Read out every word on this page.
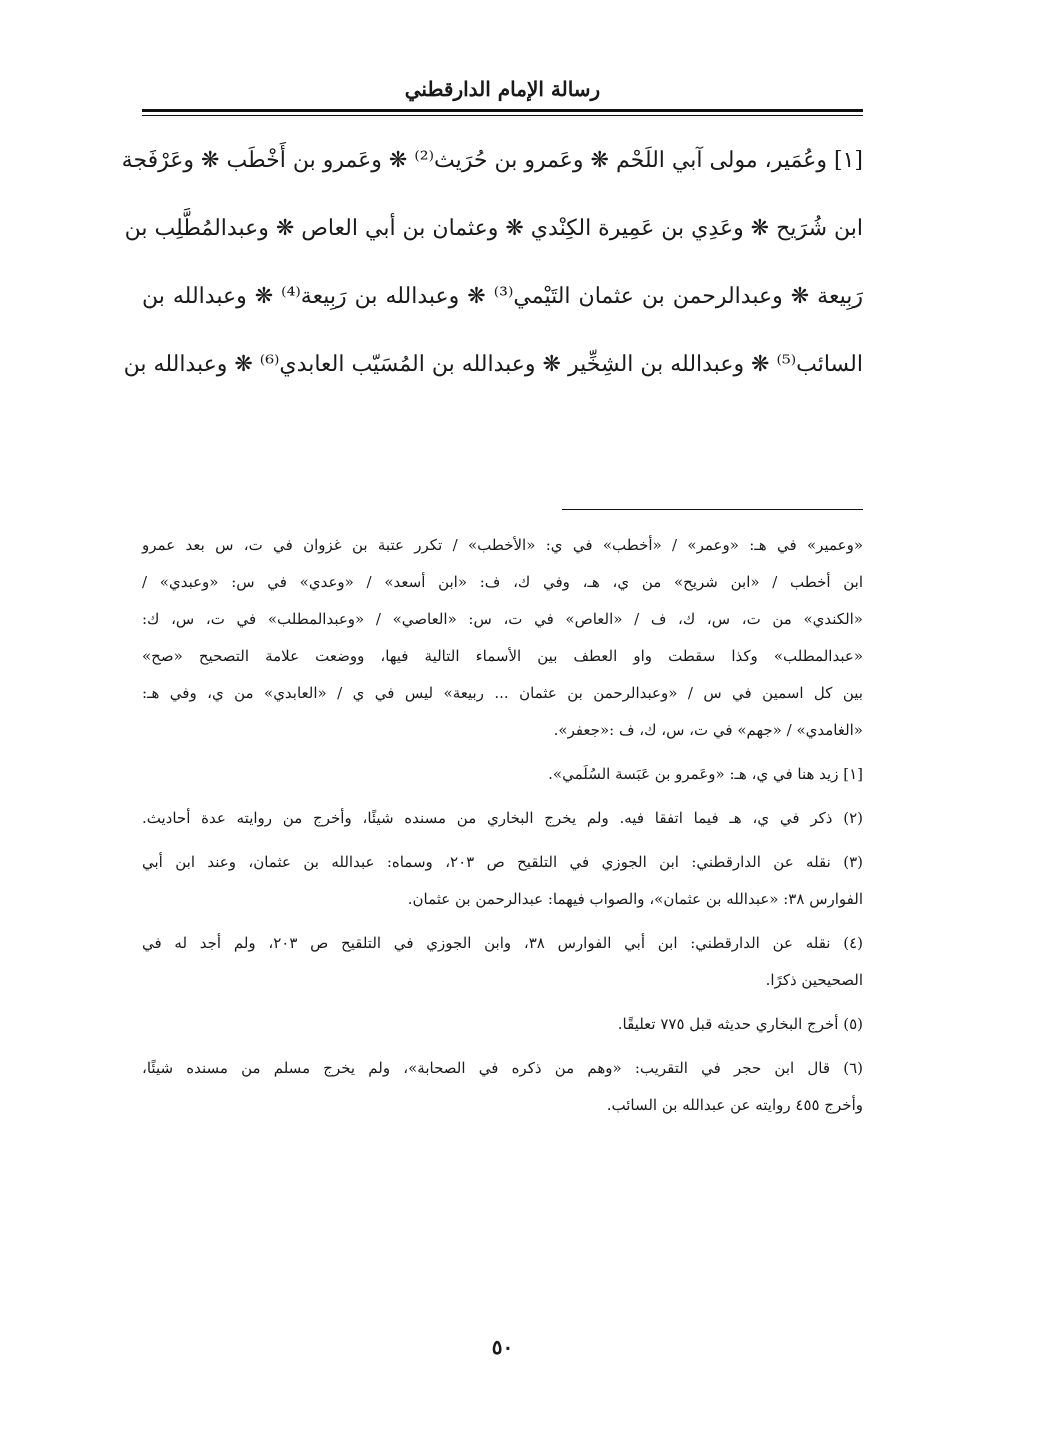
رسالة الإمام الدارقطني
[١] وعُمَير، مولى آبي اللَحْم ❋ وعَمرو بن حُرَيث⁽²⁾ ❋ وعَمرو بن أَخْطَب ❋ وعَرْفَجة
ابن شُرَيح ❋ وعَدِي بن عَمِيرة الكِنْدي ❋ وعثمان بن أبي العاص ❋ وعبدالمُطَّلِب بن
رَبِيعة ❋ وعبدالرحمن بن عثمان التَيْمي⁽³⁾ ❋ وعبدالله بن رَبِيعة⁽⁴⁾ ❋ وعبدالله بن
السائب⁽⁵⁾ ❋ وعبدالله بن الشِخِّير ❋ وعبدالله بن المُسَيّب العابدي⁽⁶⁾ ❋ وعبدالله بن
«وعمير» في هـ: «وعمر» / «أخطب» في ي: «الأخطب» / تكرر عتبة بن غزوان في ت، س بعد عمرو
ابن أخطب / «ابن شريح» من ي، هـ، وفي ك، ف: «ابن أسعد» / «وعدي» في س: «وعبدي» /
«الكندي» من ت، س، ك، ف / «العاص» في ت، س: «العاصي» / «وعبدالمطلب» في ت، س، ك:
«عبدالمطلب» وكذا سقطت واو العطف بين الأسماء التالية فيها، ووضعت علامة التصحيح «صح»
بين كل اسمين في س / «وعبدالرحمن بن عثمان ... ربيعة» ليس في ي / «العابدي» من ي، وفي هـ:
«الغامدي» / «جهم» في ت، س، ك، ف :«جعفر».
[١] زيد هنا في ي، هـ: «وعَمرو بن عَبَسة السُلَمي».
(٢) ذكر في ي، هـ فيما اتفقا فيه. ولم يخرج البخاري من مسنده شيئًا، وأخرج من روايته عدة أحاديث.
(٣) نقله عن الدارقطني: ابن الجوزي في التلقيح ص ٢٠٣، وسماه: عبدالله بن عثمان، وعند ابن أبي
الفوارس ٣٨: «عبدالله بن عثمان»، والصواب فيهما: عبدالرحمن بن عثمان.
(٤) نقله عن الدارقطني: ابن أبي الفوارس ٣٨، وابن الجوزي في التلقيح ص ٢٠٣، ولم أجد له في
الصحيحين ذكرًا.
(٥) أخرج البخاري حديثه قبل ٧٧٥ تعليقًا.
(٦) قال ابن حجر في التقريب: «وهم من ذكره في الصحابة»، ولم يخرج مسلم من مسنده شيئًا،
وأخرج ٤٥٥ روايته عن عبدالله بن السائب.
٥٠
